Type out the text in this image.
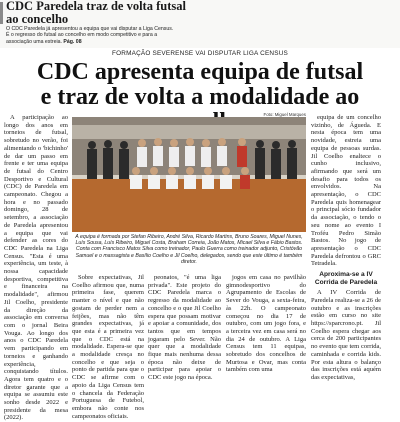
CDC Paredela traz de volta futsal ao concelho
O CDC Paredela já apresentou a equipa que vai disputar a Liga Census. É o regresso do futsal ao concelho em modo competitivo e para a associação uma estreia. Pág. 08
FORMAÇÃO SEVERENSE VAI DISPUTAR LIGA CENSUS
CDC apresenta equipa de futsal
e traz de volta a modalidade ao

A participação ao longo dos anos em torneios de futsal, sobretudo no verão, foi alimentando o 'bichinho' de dar um passo em frente e ter uma equipa de futsal do Centro Desportivo e Cultural (CDC) de Paredela em campeonato. Chegou a hora e no passado domingo, 28 de setembro, a associação de Paredela apresentou a equipa que vai defender as cores do CDC Paredela na Liga Census. "Esta é uma experiência, um teste, à nossa capacidade desportiva, competitiva e financeira na modalidade", afirmou Jil Coelho, presidente da direção da associação em conversa com o jornal Beira Vouga. Ao longo dos anos o CDC Paredela vem participando em torneios e ganhando experiência, conquistando títulos. Agora tem quatro e o diretor garante que a equipa se assumiu este sonho desde 2022 e presidente da mesa (2022).

Foto: Miguel Marques
A equipa é formada por Stefan Ribeiro, André Silva, Ricardo Martins, Bruno Soares, Miguel Nunes, Luís Sousa, Luís Ribeiro, Miguel Costa, Braham Correia, João Matos, Micael Silva e Fábio Bastos. Conta com Francisco Matos Silva como treinador, Paulo Guerra como treinador adjunto, Cristóvão Samuel e o massagista e Basílio Coelho e Jil Coelho, delegados, sendo que este último é também diretor.

Sobre expectativas, Jil Coelho afirmou que, numa primeira fase, querem manter o nível e que não gostam de perder nem a feijões, mas não têm grandes expectativas, já que esta é a primeira vez que o CDC está na modalidade. Espera-se que a modalidade cresça no concelho e que seja o ponto de partida para que o CDC se afirme com o apoio da Liga Census tem o chancela da Federação Portuguesa de Futebol, embora não conte nos campeonatos oficiais.

peonatos, "é uma liga privada". Este projeto do CDC Paredela marca o regresso da modalidade ao concelho e o que Jil Coelho espera que possam motivar e apoiar a comunidade, dos tantos que em tempos jogaram pelo Sever. Não quer que a modalidade fique mais nenhuma dessa época não deixe de participar para apoiar o CDC este jogo na época.

jogos em casa no pavilhão gimnodesportivo do Agrupamento de Escolas de Sever do Vouga, a sexta-feira, às 22h. O campeonato começou no dia 17 de outubro, com um jogo fora, e a terceira vez em casa será no dia 24 de outubro. A Liga Census tem 11 equipas, sobretudo dos concelhos de Murtosa e Ovar, mas conta também com uma

equipa de um concelho vizinho, de Águeda. E nesta época tem uma novidade, estreia uma equipa de pessoas surdas. Jil Coelho enaltece o cunho inclusivo, afirmando que será um desafio para todos os envolvidos. Na apresentação, o CDC Paredela quis homenagear o principal sócio fundador da associação, o tendo o seu nome ao evento I Troféu Pedro Simão Bastos. No jogo de apresentação o CDC Paredela defrontou o GRC Tetradela.

Aproxima-se a IV Corrida de Paredela

A IV Corrida de Paredela realiza-se a 26 de outubro e as inscrições estão em curso no site https://sparcrono.pt. Jil Coelho espera chegar aos cerca de 200 participantes no evento que tem corrida, caminhada e corrida kids. Por esta altura o balanço das inscrições está aquém das expectativas,
